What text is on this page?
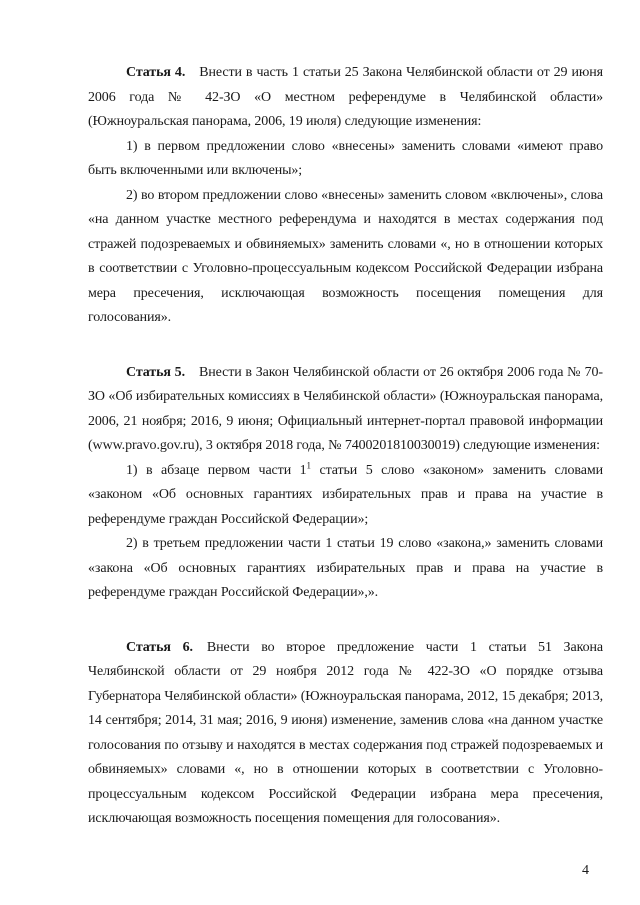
Статья 4. Внести в часть 1 статьи 25 Закона Челябинской области от 29 июня 2006 года № 42-ЗО «О местном референдуме в Челябинской области» (Южноуральская панорама, 2006, 19 июля) следующие изменения:

1) в первом предложении слово «внесены» заменить словами «имеют право быть включенными или включены»;

2) во втором предложении слово «внесены» заменить словом «включены», слова «на данном участке местного референдума и находятся в местах содержания под стражей подозреваемых и обвиняемых» заменить словами «, но в отношении которых в соответствии с Уголовно-процессуальным кодексом Российской Федерации избрана мера пресечения, исключающая возможность посещения помещения для голосования».

Статья 5. Внести в Закон Челябинской области от 26 октября 2006 года № 70-ЗО «Об избирательных комиссиях в Челябинской области» (Южноуральская панорама, 2006, 21 ноября; 2016, 9 июня; Официальный интернет-портал правовой информации (www.pravo.gov.ru), 3 октября 2018 года, № 7400201810030019) следующие изменения:

1) в абзаце первом части $1^1$ статьи 5 слово «законом» заменить словами «законом «Об основных гарантиях избирательных прав и права на участие в референдуме граждан Российской Федерации»;

2) в третьем предложении части 1 статьи 19 слово «закона,» заменить словами «закона «Об основных гарантиях избирательных прав и права на участие в референдуме граждан Российской Федерации»,».

Статья 6. Внести во второе предложение части 1 статьи 51 Закона Челябинской области от 29 ноября 2012 года № 422-ЗО «О порядке отзыва Губернатора Челябинской области» (Южноуральская панорама, 2012, 15 декабря; 2013, 14 сентября; 2014, 31 мая; 2016, 9 июня) изменение, заменив слова «на данном участке голосования по отзыву и находятся в местах содержания под стражей подозреваемых и обвиняемых» словами «, но в отношении которых в соответствии с Уголовно-процессуальным кодексом Российской Федерации избрана мера пресечения, исключающая возможность посещения помещения для голосования».

4
